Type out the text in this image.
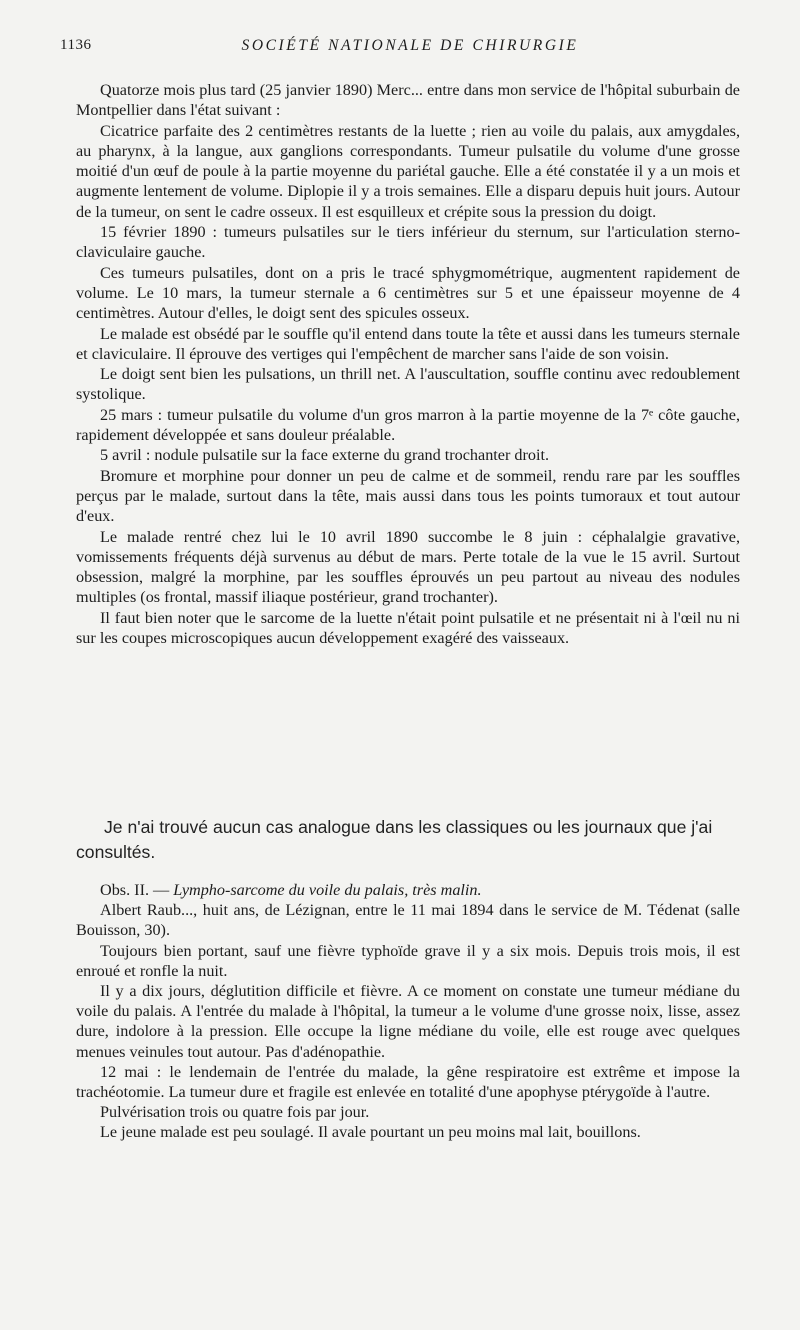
1136	SOCIÉTÉ NATIONALE DE CHIRURGIE

Quatorze mois plus tard (25 janvier 1890) Merc... entre dans mon service de l'hôpital suburbain de Montpellier dans l'état suivant :

Cicatrice parfaite des 2 centimètres restants de la luette ; rien au voile du palais, aux amygdales, au pharynx, à la langue, aux ganglions correspondants. Tumeur pulsatile du volume d'une grosse moitié d'un œuf de poule à la partie moyenne du pariétal gauche. Elle a été constatée il y a un mois et augmente lentement de volume. Diplopie il y a trois semaines. Elle a disparu depuis huit jours. Autour de la tumeur, on sent le cadre osseux. Il est esquilleux et crépite sous la pression du doigt.

15 février 1890 : tumeurs pulsatiles sur le tiers inférieur du sternum, sur l'articulation sterno-claviculaire gauche.

Ces tumeurs pulsatiles, dont on a pris le tracé sphygmométrique, augmentent rapidement de volume. Le 10 mars, la tumeur sternale a 6 centimètres sur 5 et une épaisseur moyenne de 4 centimètres. Autour d'elles, le doigt sent des spicules osseux.

Le malade est obsédé par le souffle qu'il entend dans toute la tête et aussi dans les tumeurs sternale et claviculaire. Il éprouve des vertiges qui l'empêchent de marcher sans l'aide de son voisin.

Le doigt sent bien les pulsations, un thrill net. A l'auscultation, souffle continu avec redoublement systolique.

25 mars : tumeur pulsatile du volume d'un gros marron à la partie moyenne de la 7ᵉ côte gauche, rapidement développée et sans douleur préalable.

5 avril : nodule pulsatile sur la face externe du grand trochanter droit.

Bromure et morphine pour donner un peu de calme et de sommeil, rendu rare par les souffles perçus par le malade, surtout dans la tête, mais aussi dans tous les points tumoraux et tout autour d'eux.

Le malade rentré chez lui le 10 avril 1890 succombe le 8 juin : céphalalgie gravative, vomissements fréquents déjà survenus au début de mars. Perte totale de la vue le 15 avril. Surtout obsession, malgré la morphine, par les souffles éprouvés un peu partout au niveau des nodules multiples (os frontal, massif iliaque postérieur, grand trochanter).

Il faut bien noter que le sarcome de la luette n'était point pulsatile et ne présentait ni à l'œil nu ni sur les coupes microscopiques aucun développement exagéré des vaisseaux.

Je n'ai trouvé aucun cas analogue dans les classiques ou les journaux que j'ai consultés.

Obs. II. — Lympho-sarcome du voile du palais, très malin.

Albert Raub..., huit ans, de Lézignan, entre le 11 mai 1894 dans le service de M. Tédenat (salle Bouisson, 30).

Toujours bien portant, sauf une fièvre typhoïde grave il y a six mois. Depuis trois mois, il est enroué et ronfle la nuit.

Il y a dix jours, déglutition difficile et fièvre. A ce moment on constate une tumeur médiane du voile du palais. A l'entrée du malade à l'hôpital, la tumeur a le volume d'une grosse noix, lisse, assez dure, indolore à la pression. Elle occupe la ligne médiane du voile, elle est rouge avec quelques menues veinules tout autour. Pas d'adénopathie.

12 mai : le lendemain de l'entrée du malade, la gêne respiratoire est extrême et impose la trachéotomie. La tumeur dure et fragile est enlevée en totalité d'une apophyse ptérygoïde à l'autre.

Pulvérisation trois ou quatre fois par jour.

Le jeune malade est peu soulagé. Il avale pourtant un peu moins mal lait, bouillons.
